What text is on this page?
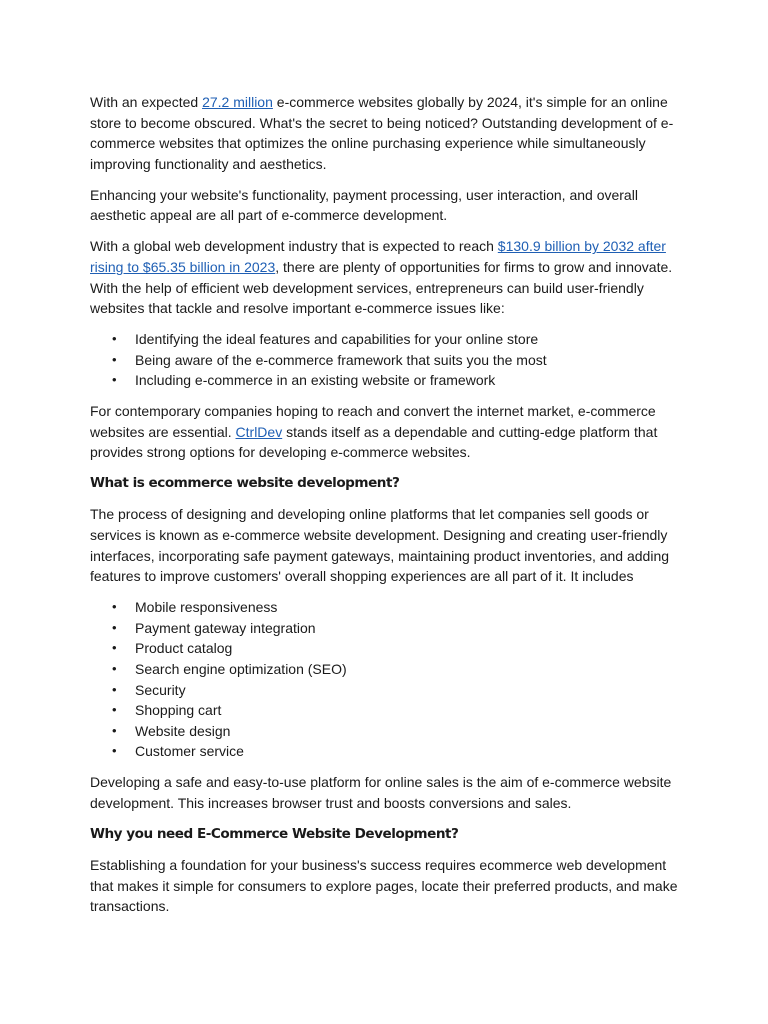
With an expected 27.2 million e-commerce websites globally by 2024, it's simple for an online store to become obscured. What's the secret to being noticed? Outstanding development of e-commerce websites that optimizes the online purchasing experience while simultaneously improving functionality and aesthetics.

Enhancing your website's functionality, payment processing, user interaction, and overall aesthetic appeal are all part of e-commerce development.

With a global web development industry that is expected to reach $130.9 billion by 2032 after rising to $65.35 billion in 2023, there are plenty of opportunities for firms to grow and innovate. With the help of efficient web development services, entrepreneurs can build user-friendly websites that tackle and resolve important e-commerce issues like:

• Identifying the ideal features and capabilities for your online store
• Being aware of the e-commerce framework that suits you the most
• Including e-commerce in an existing website or framework

For contemporary companies hoping to reach and convert the internet market, e-commerce websites are essential. CtrlDev stands itself as a dependable and cutting-edge platform that provides strong options for developing e-commerce websites.

What is ecommerce website development?

The process of designing and developing online platforms that let companies sell goods or services is known as e-commerce website development. Designing and creating user-friendly interfaces, incorporating safe payment gateways, maintaining product inventories, and adding features to improve customers' overall shopping experiences are all part of it. It includes

• Mobile responsiveness
• Payment gateway integration
• Product catalog
• Search engine optimization (SEO)
• Security
• Shopping cart
• Website design
• Customer service

Developing a safe and easy-to-use platform for online sales is the aim of e-commerce website development. This increases browser trust and boosts conversions and sales.

Why you need E-Commerce Website Development?

Establishing a foundation for your business's success requires ecommerce web development that makes it simple for consumers to explore pages, locate their preferred products, and make transactions.
